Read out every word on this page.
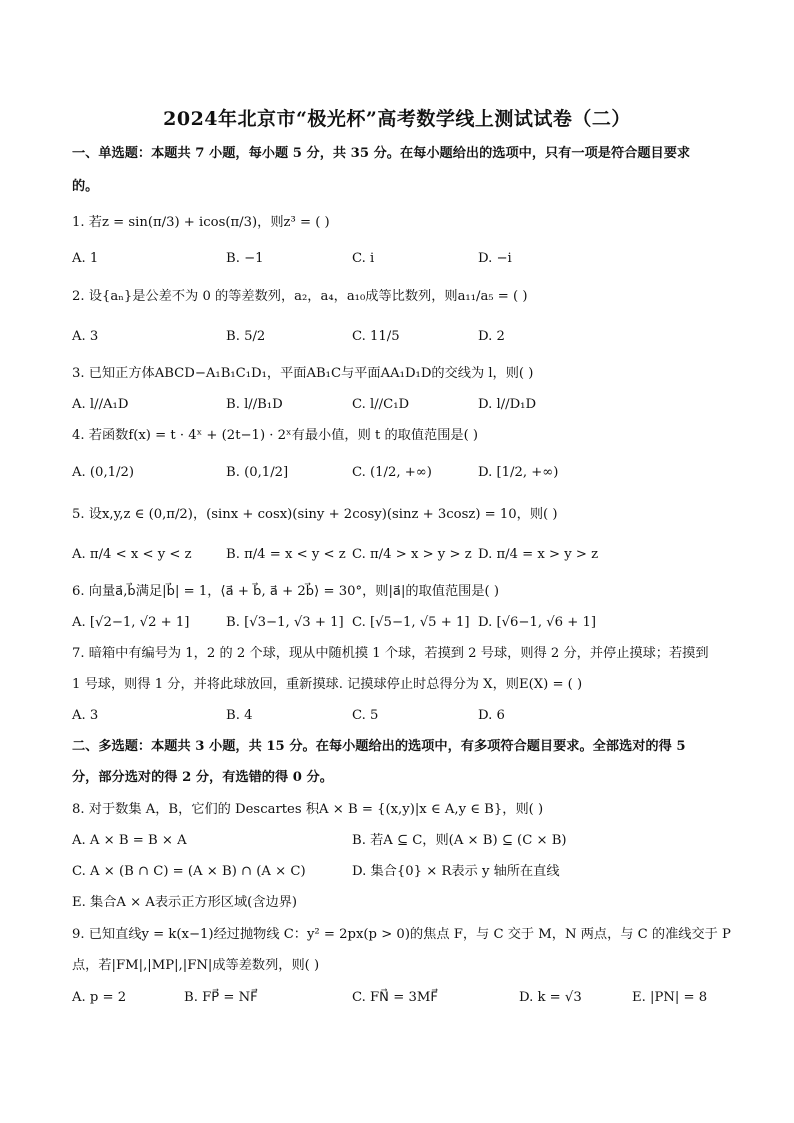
2024年北京市“极光杯”高考数学线上测试试卷（二）
一、单选题：本题共 7 小题，每小题 5 分，共 35 分。在每小题给出的选项中，只有一项是符合题目要求
的。
1. 若z = sin(π/3) + icos(π/3)，则z³ = ( )
A. 1	B. −1	C. i	D. −i
2. 设{aₙ}是公差不为 0 的等差数列，a₂，a₄，a₁₀成等比数列，则a₁₁/a₅ = ( )
A. 3	B. 5/2	C. 11/5	D. 2
3. 已知正方体ABCD−A₁B₁C₁D₁，平面AB₁C与平面AA₁D₁D的交线为 l，则( )
A. l//A₁D	B. l//B₁D	C. l//C₁D	D. l//D₁D
4. 若函数f(x) = t · 4ˣ + (2t−1) · 2ˣ有最小值，则 t 的取值范围是( )
A. (0,1/2)	B. (0,1/2]	C. (1/2, +∞)	D. [1/2, +∞)
5. 设x,y,z ∈ (0,π/2)，(sinx + cosx)(siny + 2cosy)(sinz + 3cosz) = 10，则( )
A. π/4 < x < y < z	B. π/4 = x < y < z C. π/4 > x > y > z D. π/4 = x > y > z
6. 向量a⃗,b⃗满足|b⃗| = 1，⟨a⃗ + b⃗, a⃗ + 2b⃗⟩ = 30°，则|a⃗|的取值范围是( )
A. [√2−1, √2 + 1]	B. [√3−1, √3 + 1] C. [√5−1, √5 + 1] D. [√6−1, √6 + 1]
7. 暗箱中有编号为 1，2 的 2 个球，现从中随机摸 1 个球，若摸到 2 号球，则得 2 分，并停止摸球；若摸到
1 号球，则得 1 分，并将此球放回，重新摸球. 记摸球停止时总得分为 X，则E(X) = ( )
A. 3	B. 4	C. 5	D. 6
二、多选题：本题共 3 小题，共 15 分。在每小题给出的选项中，有多项符合题目要求。全部选对的得 5
分，部分选对的得 2 分，有选错的得 0 分。
8. 对于数集 A，B，它们的 Descartes 积A × B = {(x,y)|x ∈ A,y ∈ B}，则( )
A. A × B = B × A	B. 若A ⊆ C，则(A × B) ⊆ (C × B)
C. A × (B ∩ C) = (A × B) ∩ (A × C)	D. 集合{0} × R表示 y 轴所在直线
E. 集合A × A表示正方形区域(含边界)
9. 已知直线y = k(x−1)经过抛物线 C：y² = 2px(p > 0)的焦点 F，与 C 交于 M，N 两点，与 C 的准线交于 P
点，若|FM|,|MP|,|FN|成等差数列，则( )
A. p = 2	B. FP⃗ = NF⃗	C. FN⃗ = 3MF⃗	D. k = √3	E. |PN| = 8
